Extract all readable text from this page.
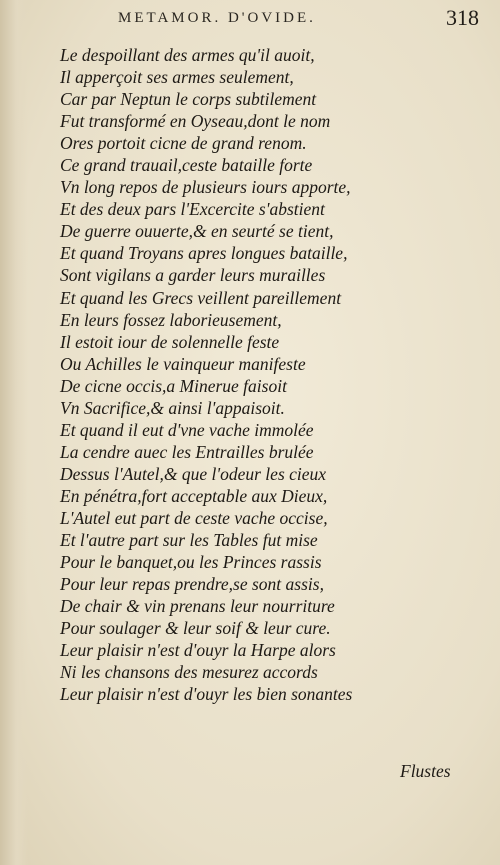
METAMOR. D'OVIDE.	318
Le despoillant des armes qu'il auoit,
Il apperçoit ses armes seulement,
Car par Neptun le corps subtilement
Fut transformé en Oyseau,dont le nom
Ores portoit cicne de grand renom.
Ce grand trauail,ceste bataille forte
Vn long repos de plusieurs iours apporte,
Et des deux pars l'Excercite s'abstient
De guerre ouuerte,& en seurté se tient,
Et quand Troyans apres longues bataille,
Sont vigilans a garder leurs murailles
Et quand les Grecs veillent pareillement
En leurs fossez laborieusement,
Il estoit iour de solennelle feste
Ou Achilles le vainqueur manifeste
De cicne occis,a Minerue faisoit
Vn Sacrifice,& ainsi l'appaisoit.
Et quand il eut d'vne vache immolée
La cendre auec les Entrailles brulée
Dessus l'Autel,& que l'odeur les cieux
En pénétra,fort acceptable aux Dieux,
L'Autel eut part de ceste vache occise,
Et l'autre part sur les Tables fut mise
Pour le banquet,ou les Princes rassis
Pour leur repas prendre,se sont assis,
De chair & vin prenans leur nourriture
Pour soulager & leur soif & leur cure.
Leur plaisir n'est d'ouyr la Harpe alors
Ni les chansons des mesurez accords
Leur plaisir n'est d'ouyr les bien sonantes
Flustes
